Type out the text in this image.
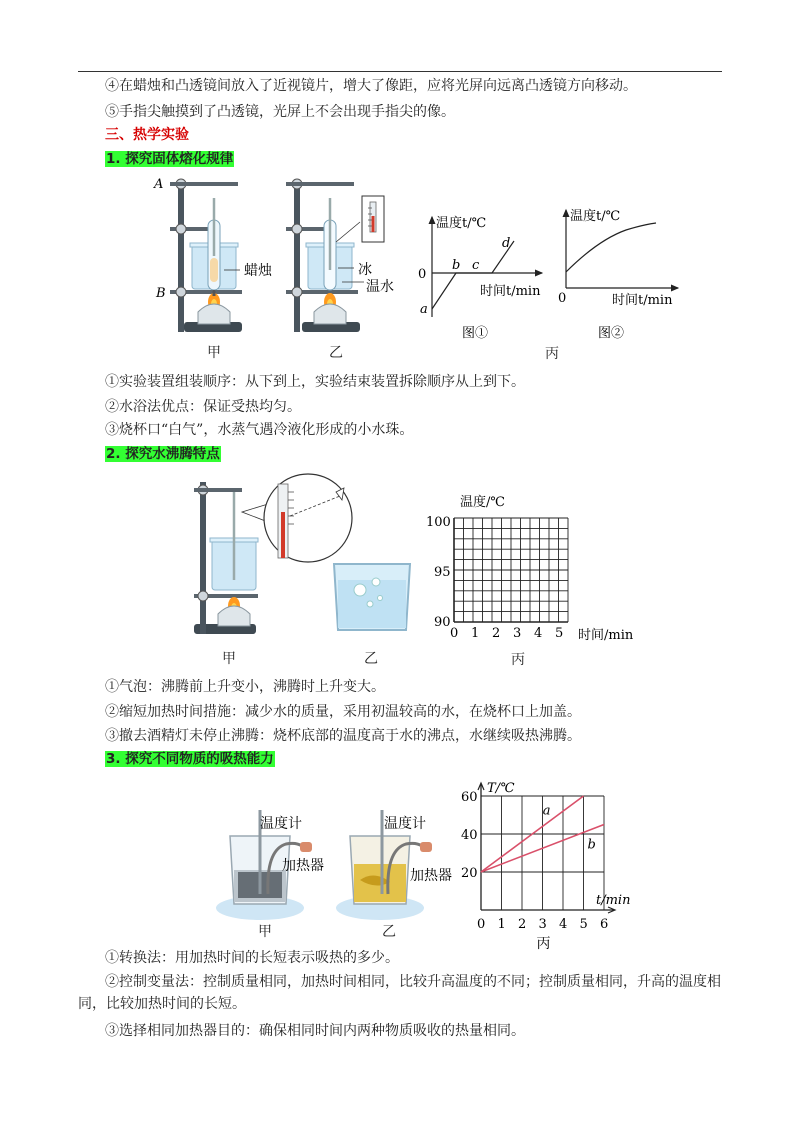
④在蜡烛和凸透镜间放入了近视镜片，增大了像距，应将光屏向远离凸透镜方向移动。
⑤手指尖触摸到了凸透镜，光屏上不会出现手指尖的像。
三、热学实验
1. 探究固体熔化规律
A
B
蜡烛	冰
温水
温度t/℃
0
时间t/min
a
b c
d
图①
温度t/℃
0	时间t/min
图②
甲	乙	丙
①实验装置组装顺序：从下到上，实验结束装置拆除顺序从上到下。
②水浴法优点：保证受热均匀。
③烧杯口“白气”，水蒸气遇冷液化形成的小水珠。
2. 探究水沸腾特点
温度/℃
100
95
90
0 1 2 3 4 5 时间/min
甲	乙	丙
①气泡：沸腾前上升变小，沸腾时上升变大。
②缩短加热时间措施：减少水的质量，采用初温较高的水，在烧杯口上加盖。
③撤去酒精灯未停止沸腾：烧杯底部的温度高于水的沸点，水继续吸热沸腾。
3. 探究不同物质的吸热能力
温度计
加热器
温度计
加热器
甲	乙	0 1 2 3 4 5 6
20
40
60
T/℃
t/min
a
b
丙
①转换法：用加热时间的长短表示吸热的多少。
②控制变量法：控制质量相同，加热时间相同，比较升高温度的不同；控制质量相同，升高的温度相同，比较加热时间的长短。
③选择相同加热器目的：确保相同时间内两种物质吸收的热量相同。
